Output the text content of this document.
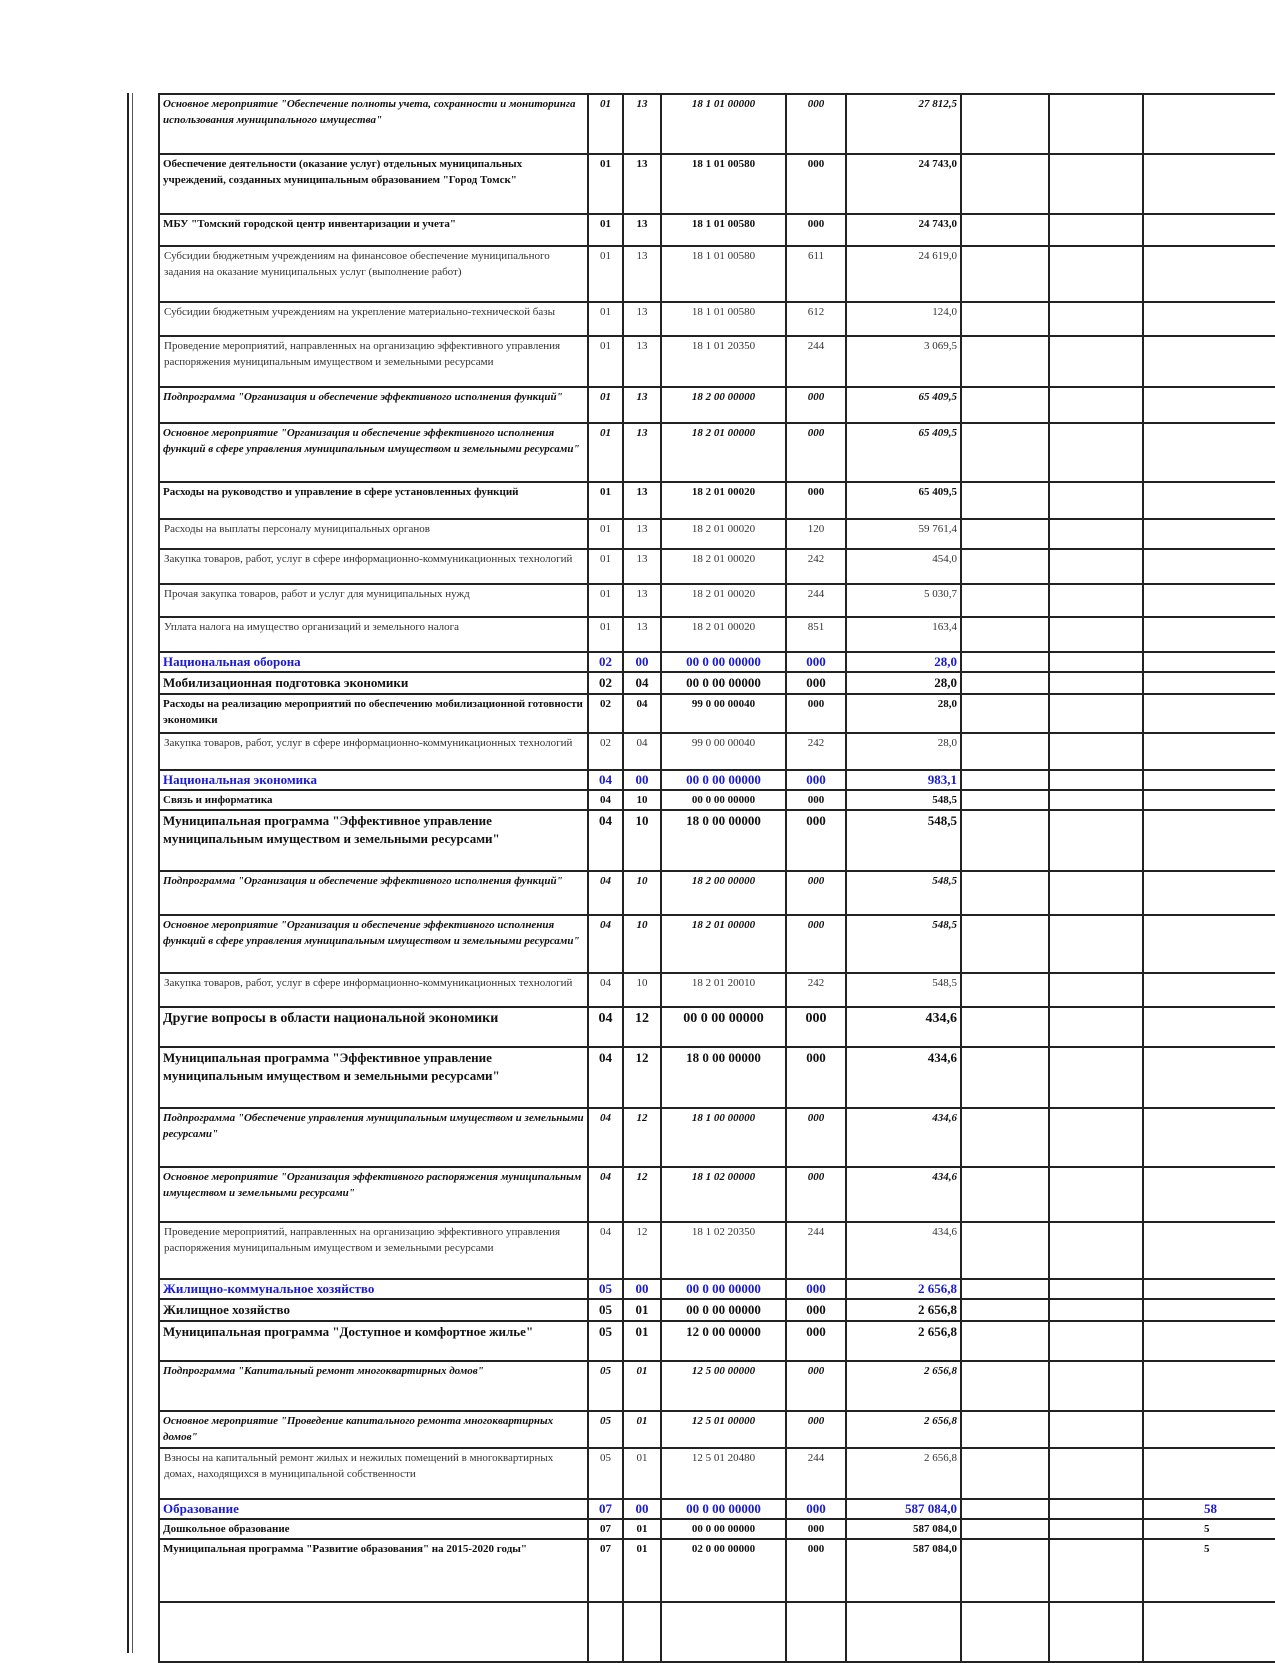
Основное мероприятие "Обеспечение полноты учета, сохранности и мониторинга использования муниципального имущества"	01	13	18 1 01 00000	000	27 812,5			
Обеспечение деятельности (оказание услуг) отдельных муниципальных учреждений, созданных муниципальным образованием "Город Томск"	01	13	18 1 01 00580	000	24 743,0			
МБУ "Томский городской центр инвентаризации и учета"	01	13	18 1 01 00580	000	24 743,0			
Субсидии бюджетным учреждениям на финансовое обеспечение муниципального задания на оказание муниципальных услуг (выполнение работ)	01	13	18 1 01 00580	611	24 619,0			
Субсидии бюджетным учреждениям на укрепление материально-технической базы	01	13	18 1 01 00580	612	124,0			
Проведение мероприятий, направленных на организацию эффективного управления распоряжения муниципальным имуществом и земельными ресурсами	01	13	18 1 01 20350	244	3 069,5			
Подпрограмма "Организация и обеспечение эффективного исполнения функций"	01	13	18 2 00 00000	000	65 409,5			
Основное мероприятие "Организация и обеспечение эффективного исполнения функций в сфере управления муниципальным имуществом и земельными ресурсами"	01	13	18 2 01 00000	000	65 409,5			
Расходы на руководство и управление в сфере установленных функций	01	13	18 2 01 00020	000	65 409,5			
Расходы на выплаты персоналу муниципальных органов	01	13	18 2 01 00020	120	59 761,4			
Закупка товаров, работ, услуг в сфере информационно-коммуникационных технологий	01	13	18 2 01 00020	242	454,0			
Прочая закупка товаров, работ и услуг для муниципальных нужд	01	13	18 2 01 00020	244	5 030,7			
Уплата налога на имущество организаций и земельного налога	01	13	18 2 01 00020	851	163,4			
Национальная оборона	02	00	00 0 00 00000	000	28,0			
Мобилизационная подготовка экономики	02	04	00 0 00 00000	000	28,0			
Расходы на реализацию мероприятий по обеспечению мобилизационной готовности экономики	02	04	99 0 00 00040	000	28,0			
Закупка товаров, работ, услуг в сфере информационно-коммуникационных технологий	02	04	99 0 00 00040	242	28,0			
Национальная экономика	04	00	00 0 00 00000	000	983,1			
Связь и информатика	04	10	00 0 00 00000	000	548,5			
Муниципальная программа "Эффективное управление муниципальным имуществом и земельными ресурсами"	04	10	18 0 00 00000	000	548,5			
Подпрограмма "Организация и обеспечение эффективного исполнения функций"	04	10	18 2 00 00000	000	548,5			
Основное мероприятие "Организация и обеспечение эффективного исполнения функций в сфере управления муниципальным имуществом и земельными ресурсами"	04	10	18 2 01 00000	000	548,5			
Закупка товаров, работ, услуг в сфере информационно-коммуникационных технологий	04	10	18 2 01 20010	242	548,5			
Другие вопросы в области национальной экономики	04	12	00 0 00 00000	000	434,6			
Муниципальная программа "Эффективное управление муниципальным имуществом и земельными ресурсами"	04	12	18 0 00 00000	000	434,6			
Подпрограмма "Обеспечение управления муниципальным имуществом и земельными ресурсами"	04	12	18 1 00 00000	000	434,6			
Основное мероприятие "Организация эффективного распоряжения муниципальным имуществом и земельными ресурсами"	04	12	18 1 02 00000	000	434,6			
Проведение мероприятий, направленных на организацию эффективного управления распоряжения муниципальным имуществом и земельными ресурсами	04	12	18 1 02 20350	244	434,6			
Жилищно-коммунальное хозяйство	05	00	00 0 00 00000	000	2 656,8			
Жилищное хозяйство	05	01	00 0 00 00000	000	2 656,8			
Муниципальная программа "Доступное и комфортное жилье"	05	01	12 0 00 00000	000	2 656,8			
Подпрограмма "Капитальный ремонт многоквартирных домов"	05	01	12 5 00 00000	000	2 656,8			
Основное мероприятие "Проведение капитального ремонта многоквартирных домов"	05	01	12 5 01 00000	000	2 656,8			
Взносы на капитальный ремонт жилых и нежилых помещений в многоквартирных домах, находящихся в муниципальной собственности	05	01	12 5 01 20480	244	2 656,8			
Образование	07	00	00 0 00 00000	000	587 084,0			58
Дошкольное образование	07	01	00 0 00 00000	000	587 084,0			5
Муниципальная программа "Развитие образования" на 2015-2020 годы"	07	01	02 0 00 00000	000	587 084,0			5
